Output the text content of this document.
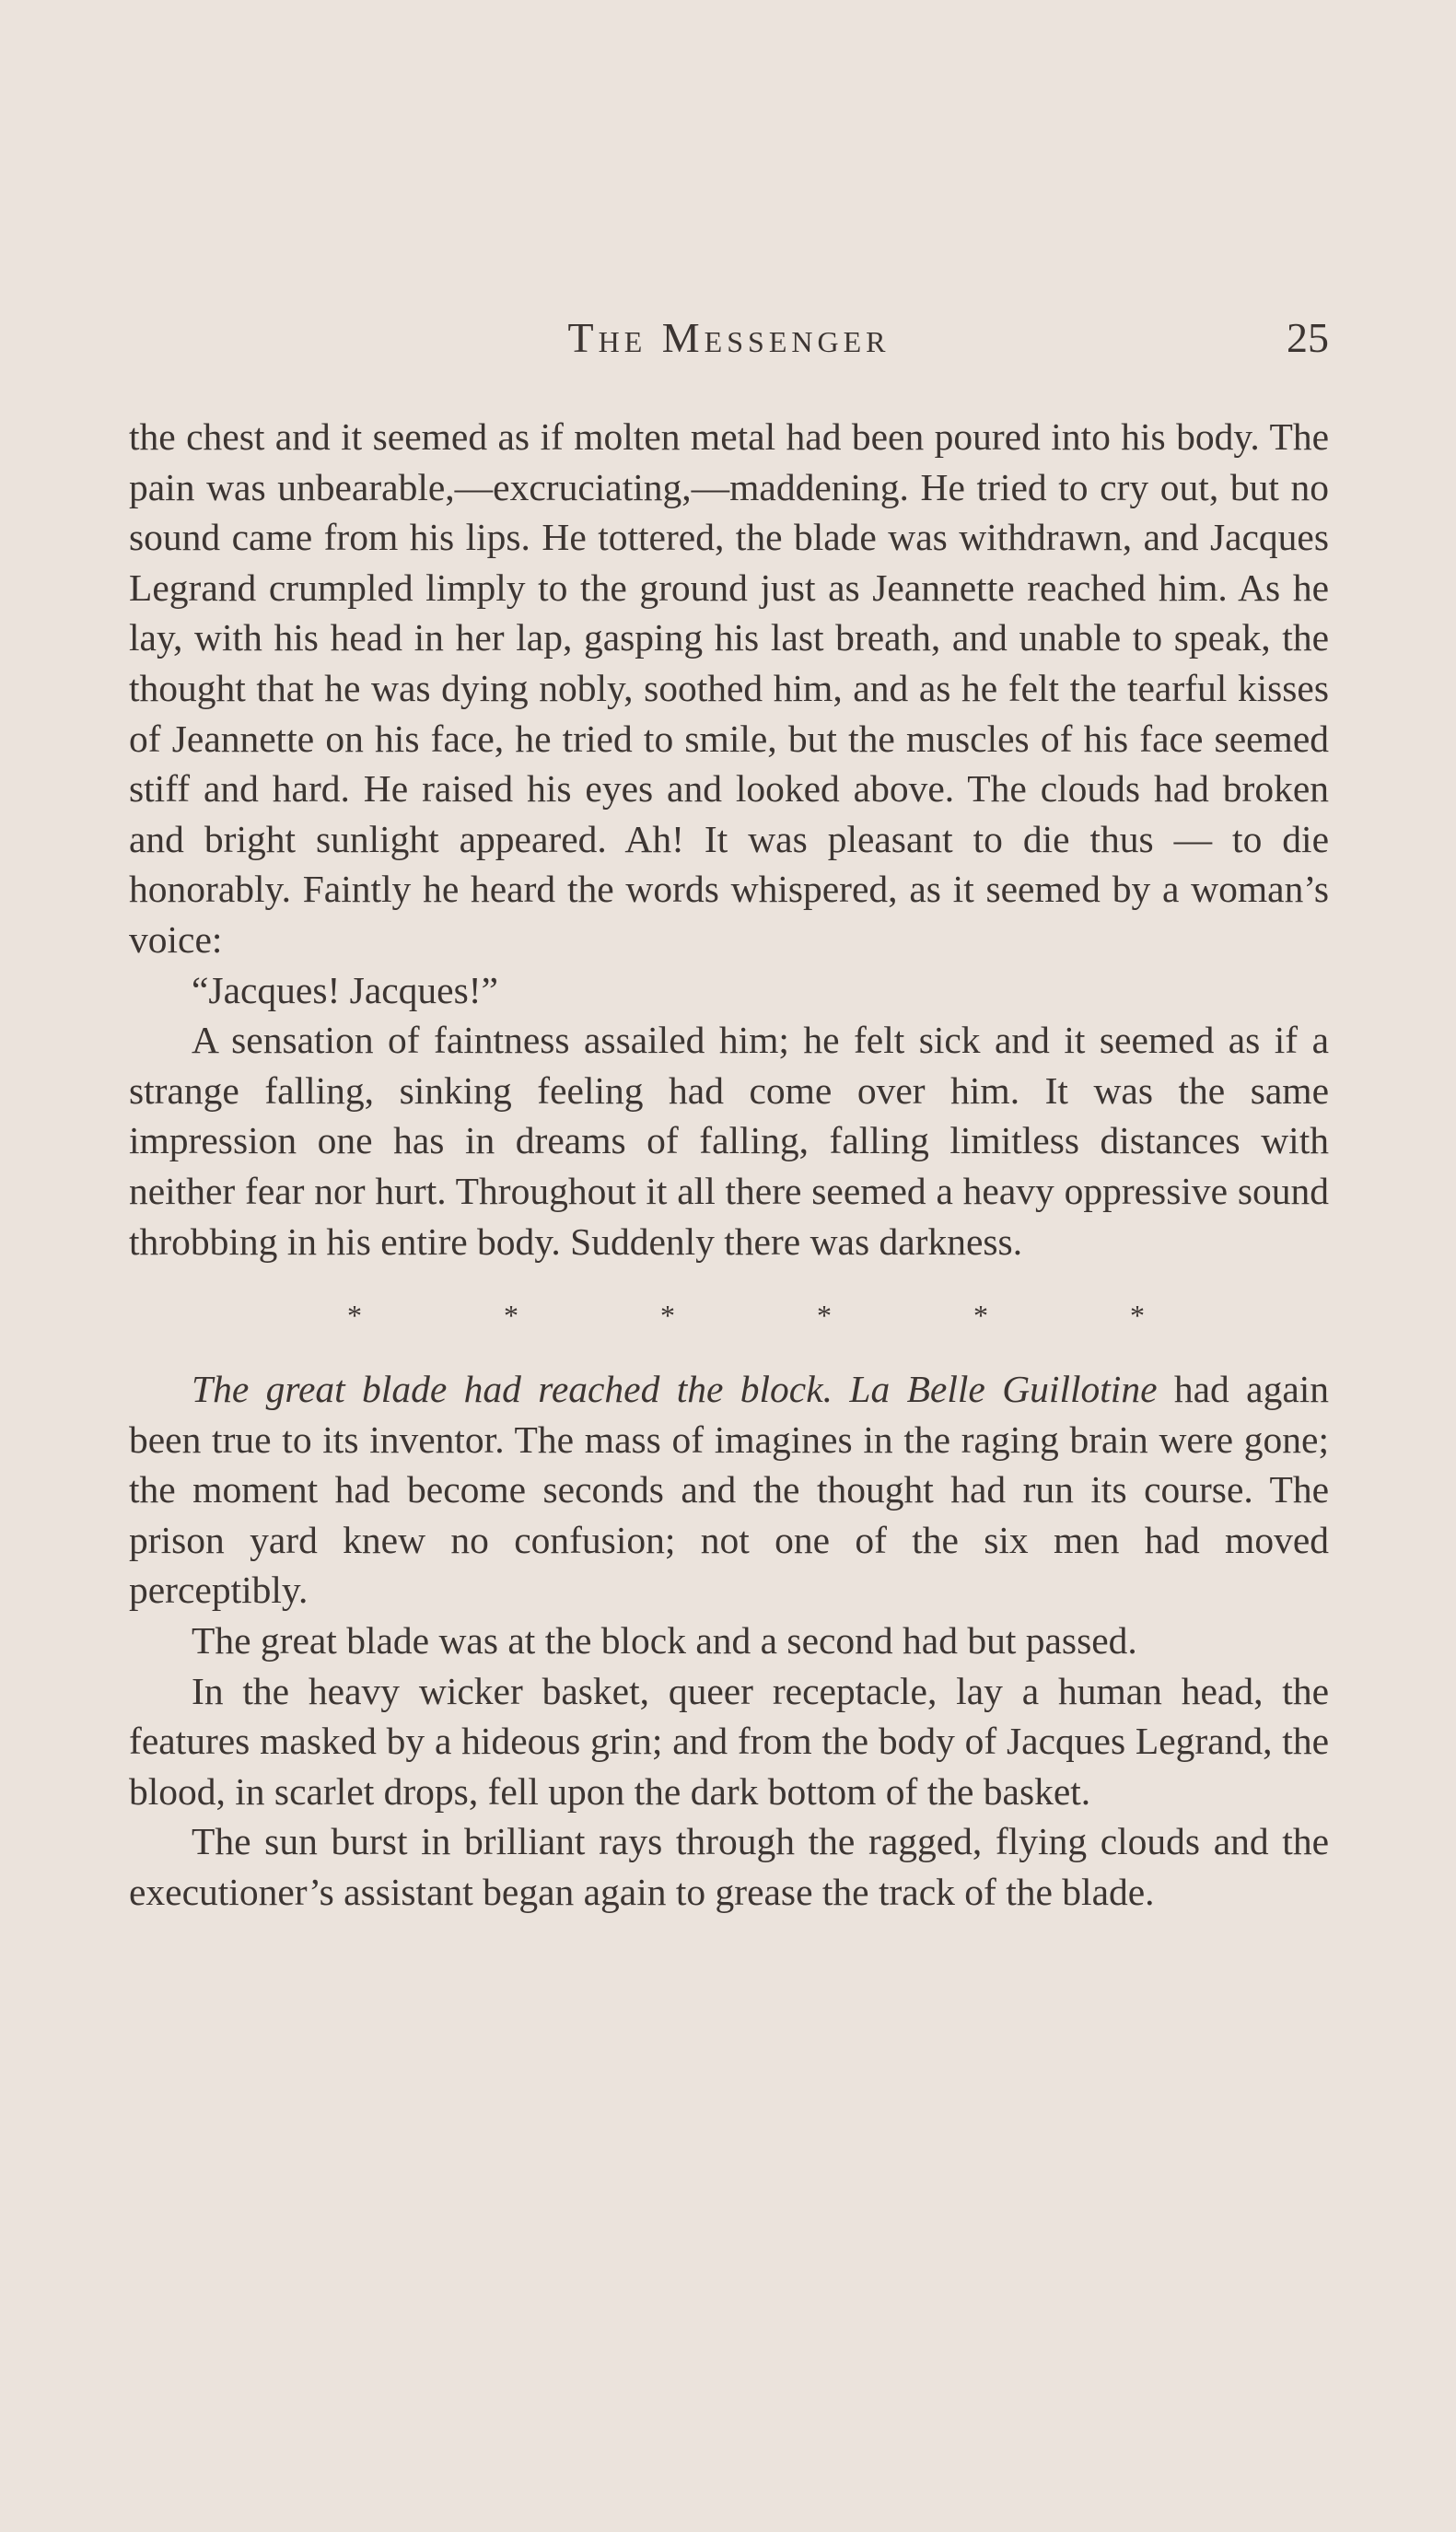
The Messenger	25

the chest and it seemed as if molten metal had been poured into his body. The pain was unbearable,—excruciating,—maddening. He tried to cry out, but no sound came from his lips. He tottered, the blade was withdrawn, and Jacques Legrand crumpled limply to the ground just as Jeannette reached him. As he lay, with his head in her lap, gasping his last breath, and unable to speak, the thought that he was dying nobly, soothed him, and as he felt the tearful kisses of Jeannette on his face, he tried to smile, but the muscles of his face seemed stiff and hard. He raised his eyes and looked above. The clouds had broken and bright sunlight appeared. Ah! It was pleasant to die thus — to die honorably. Faintly he heard the words whispered, as it seemed by a woman’s voice:

“Jacques! Jacques!”

A sensation of faintness assailed him; he felt sick and it seemed as if a strange falling, sinking feeling had come over him. It was the same impression one has in dreams of falling, falling limitless distances with neither fear nor hurt. Throughout it all there seemed a heavy oppressive sound throbbing in his entire body. Suddenly there was darkness.

*	*	*	*	*	*

The great blade had reached the block. La Belle Guillotine had again been true to its inventor. The mass of imagines in the raging brain were gone; the moment had become seconds and the thought had run its course. The prison yard knew no confusion; not one of the six men had moved perceptibly.

The great blade was at the block and a second had but passed.

In the heavy wicker basket, queer receptacle, lay a human head, the features masked by a hideous grin; and from the body of Jacques Legrand, the blood, in scarlet drops, fell upon the dark bottom of the basket.

The sun burst in brilliant rays through the ragged, flying clouds and the executioner’s assistant began again to grease the track of the blade.
